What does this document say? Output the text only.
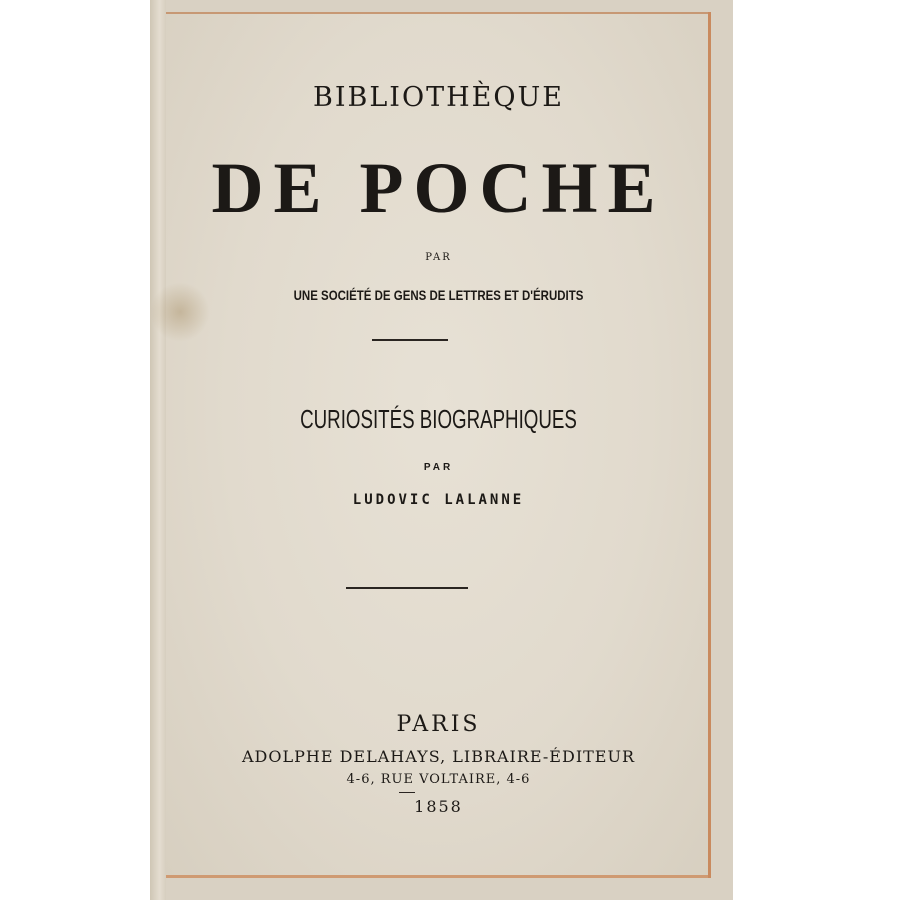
BIBLIOTHÈQUE
DE POCHE
PAR
UNE SOCIÉTÉ DE GENS DE LETTRES ET D'ÉRUDITS
CURIOSITÉS BIOGRAPHIQUES
PAR
LUDOVIC LALANNE
PARIS
ADOLPHE DELAHAYS, LIBRAIRE-ÉDITEUR
4-6, RUE VOLTAIRE, 4-6
1858
